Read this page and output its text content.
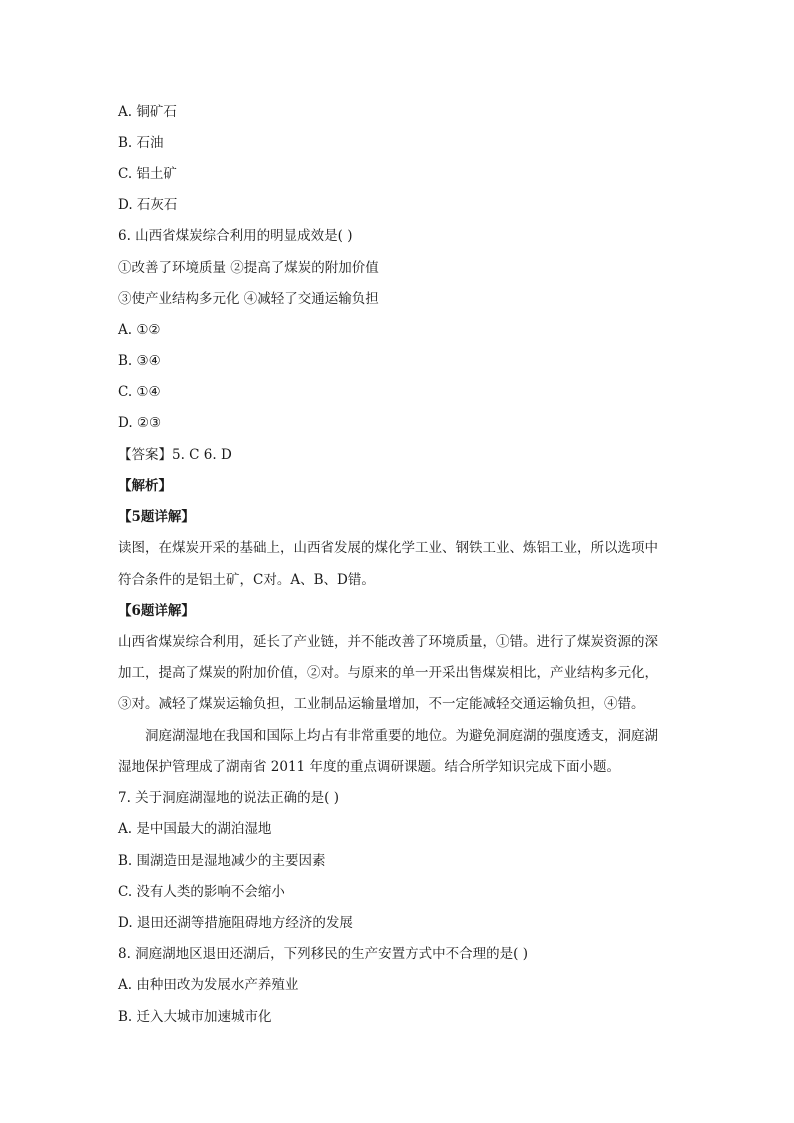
A. 铜矿石
B. 石油
C. 铝土矿
D. 石灰石
6. 山西省煤炭综合利用的明显成效是( )
①改善了环境质量 ②提高了煤炭的附加价值
③使产业结构多元化 ④减轻了交通运输负担
A. ①②
B. ③④
C. ①④
D. ②③
【答案】5. C 6. D
【解析】
【5题详解】
读图，在煤炭开采的基础上，山西省发展的煤化学工业、钢铁工业、炼铝工业，所以选项中
符合条件的是铝土矿，C对。A、B、D错。
【6题详解】
山西省煤炭综合利用，延长了产业链，并不能改善了环境质量，①错。进行了煤炭资源的深
加工，提高了煤炭的附加价值，②对。与原来的单一开采出售煤炭相比，产业结构多元化，
③对。减轻了煤炭运输负担，工业制品运输量增加，不一定能减轻交通运输负担，④错。
洞庭湖湿地在我国和国际上均占有非常重要的地位。为避免洞庭湖的强度透支，洞庭湖
湿地保护管理成了湖南省 2011 年度的重点调研课题。结合所学知识完成下面小题。
7. 关于洞庭湖湿地的说法正确的是( )
A. 是中国最大的湖泊湿地
B. 围湖造田是湿地减少的主要因素
C. 没有人类的影响不会缩小
D. 退田还湖等措施阻碍地方经济的发展
8. 洞庭湖地区退田还湖后，下列移民的生产安置方式中不合理的是( )
A. 由种田改为发展水产养殖业
B. 迁入大城市加速城市化
